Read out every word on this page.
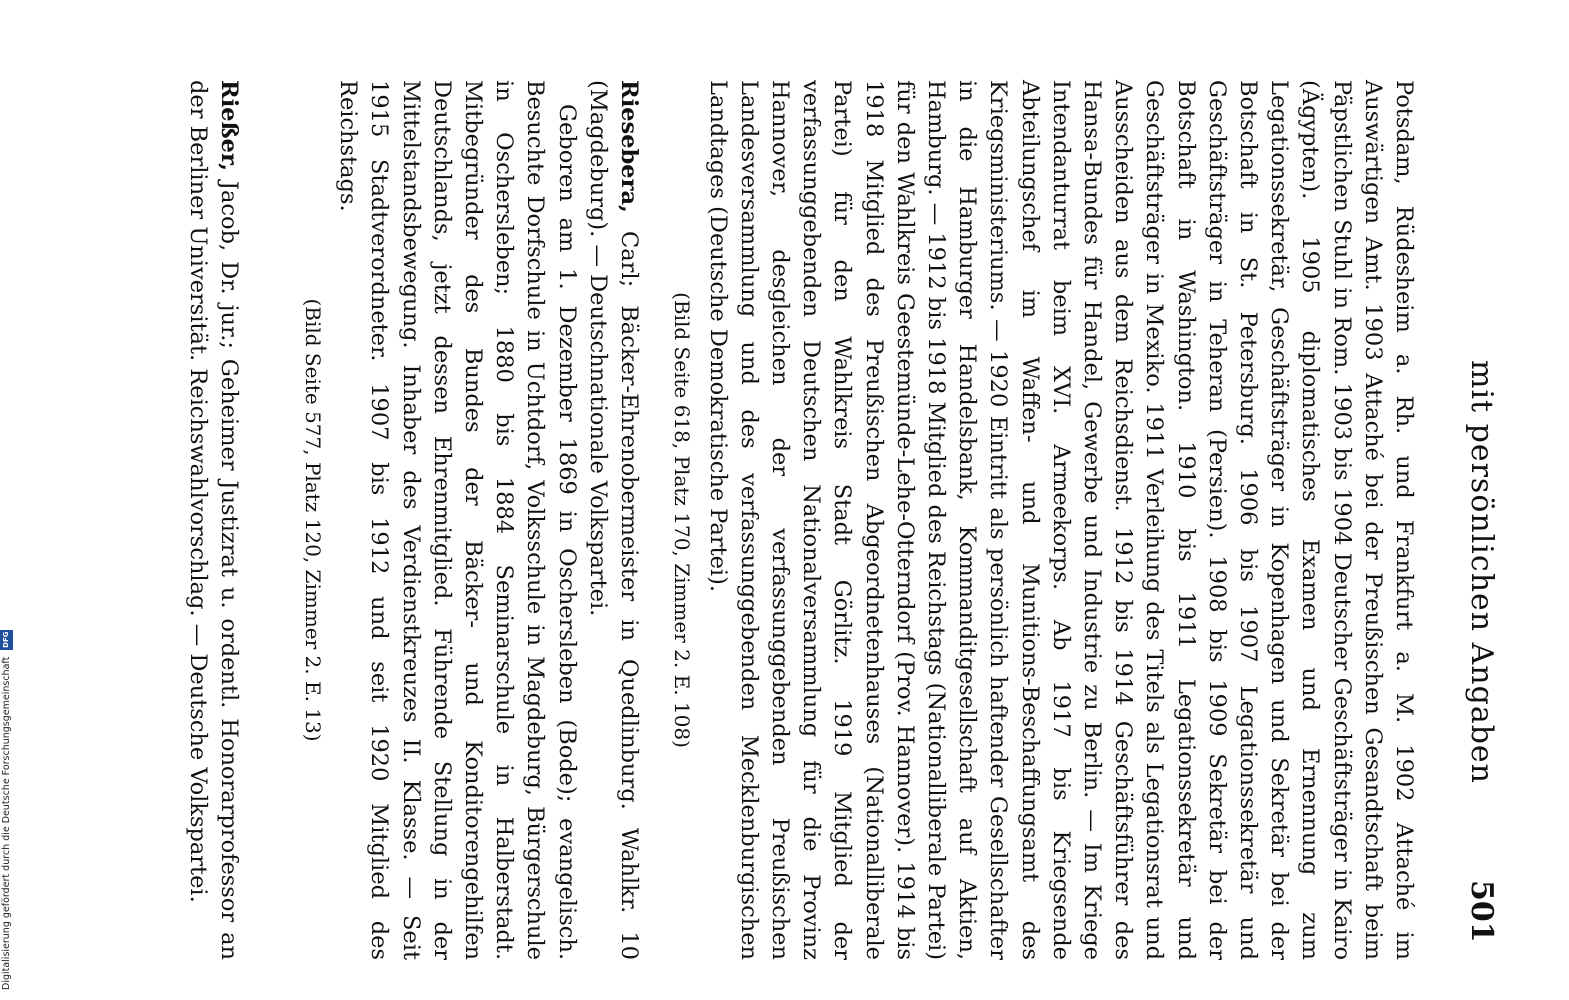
mit persönlichen Angaben
501

Potsdam, Rüdesheim a. Rh. und Frankfurt a. M. 1902 Attaché im Auswärtigen Amt. 1903 Attaché bei der Preußischen Gesandtschaft beim Päpstlichen Stuhl in Rom. 1903 bis 1904 Deutscher Geschäftsträger in Kairo (Ägypten). 1905 diplomatisches Examen und Ernennung zum Legationssekretär, Geschäftsträger in Kopenhagen und Sekretär bei der Botschaft in St. Petersburg. 1906 bis 1907 Legationssekretär und Geschäftsträger in Teheran (Persien). 1908 bis 1909 Sekretär bei der Botschaft in Washington. 1910 bis 1911 Legationssekretär und Geschäftsträger in Mexiko. 1911 Verleihung des Titels als Legationsrat und Ausscheiden aus dem Reichsdienst. 1912 bis 1914 Geschäftsführer des Hansa-Bundes für Handel, Gewerbe und Industrie zu Berlin. — Im Kriege Intendanturrat beim XVI. Armeekorps. Ab 1917 bis Kriegsende Abteilungschef im Waffen- und Munitions-Beschaffungsamt des Kriegsministeriums. — 1920 Eintritt als persönlich haftender Gesellschafter in die Hamburger Handelsbank, Kommanditgesellschaft auf Aktien, Hamburg. — 1912 bis 1918 Mitglied des Reichstags (Nationalliberale Partei) für den Wahlkreis Geestemünde-Lehe-Otterndorf (Prov. Hannover). 1914 bis 1918 Mitglied des Preußischen Abgeordnetenhauses (Nationalliberale Partei) für den Wahlkreis Stadt Görlitz. 1919 Mitglied der verfassunggebenden Deutschen Nationalversammlung für die Provinz Hannover, desgleichen der verfassunggebenden Preußischen Landesversammlung und des verfassunggebenden Mecklenburgischen Landtages (Deutsche Demokratische Partei).

(Bild Seite 618, Platz 170, Zimmer 2. E. 108)

Riesebera, Carl; Bäcker-Ehrenobermeister in Quedlinburg. Wahlkr. 10 (Magdeburg). — Deutschnationale Volkspartei.

Geboren am 1. Dezember 1869 in Oschersleben (Bode); evangelisch. Besuchte Dorfschule in Uchtdorf, Volksschule in Magdeburg, Bürgerschule in Oschersleben; 1880 bis 1884 Seminarschule in Halberstadt. Mitbegründer des Bundes der Bäcker- und Konditorengehilfen Deutschlands, jetzt dessen Ehrenmitglied. Führende Stellung in der Mittelstandsbewegung. Inhaber des Verdienstkreuzes II. Klasse. — Seit 1915 Stadtverordneter. 1907 bis 1912 und seit 1920 Mitglied des Reichstags.

(Bild Seite 577, Platz 120, Zimmer 2. E. 13)

Rießer, Jacob, Dr. jur.; Geheimer Justizrat u. ordentl. Honorarprofessor an der Berliner Universität. Reichswahlvorschlag. — Deutsche Volkspartei.

Digitalisierung gefördert durch die Deutsche Forschungsgemeinschaft DFG
